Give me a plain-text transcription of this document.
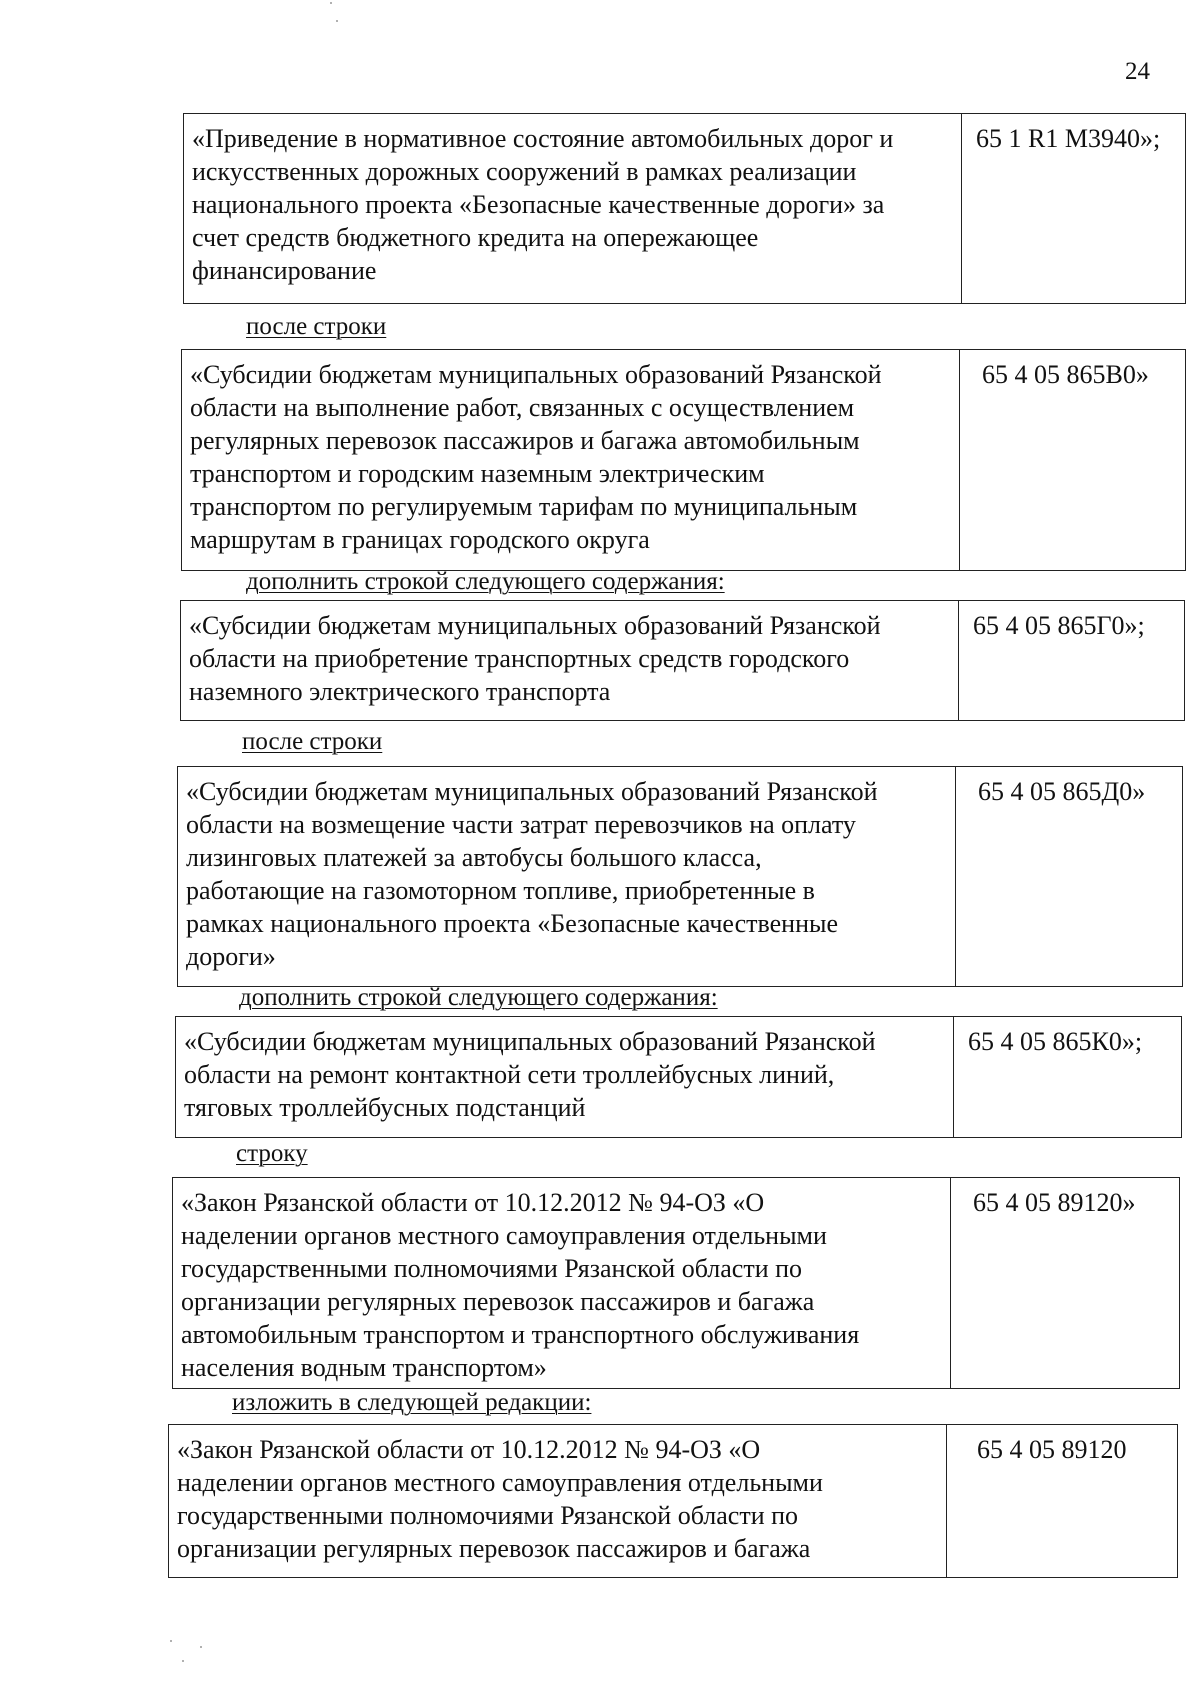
24
«Приведение в нормативное состояние автомобильных дорог и
искусственных дорожных сооружений в рамках реализации
национального проекта «Безопасные качественные дороги» за
счет средств бюджетного кредита на опережающее
финансирование
65 1 R1 M3940»;
после строки
«Субсидии бюджетам муниципальных образований Рязанской
области на выполнение работ, связанных с осуществлением
регулярных перевозок пассажиров и багажа автомобильным
транспортом и городским наземным электрическим
транспортом по регулируемым тарифам по муниципальным
маршрутам в границах городского округа
65 4 05 865В0»
дополнить строкой следующего содержания:
«Субсидии бюджетам муниципальных образований Рязанской
области на приобретение транспортных средств городского
наземного электрического транспорта
65 4 05 865Г0»;
после строки
«Субсидии бюджетам муниципальных образований Рязанской
области на возмещение части затрат перевозчиков на оплату
лизинговых платежей за автобусы большого класса,
работающие на газомоторном топливе, приобретенные в
рамках национального проекта «Безопасные качественные
дороги»
65 4 05 865Д0»
дополнить строкой следующего содержания:
«Субсидии бюджетам муниципальных образований Рязанской
области на ремонт контактной сети троллейбусных линий,
тяговых троллейбусных подстанций
65 4 05 865К0»;
строку
«Закон Рязанской области от 10.12.2012 № 94-ОЗ «О
наделении органов местного самоуправления отдельными
государственными полномочиями Рязанской области по
организации регулярных перевозок пассажиров и багажа
автомобильным транспортом и транспортного обслуживания
населения водным транспортом»
65 4 05 89120»
изложить в следующей редакции:
«Закон Рязанской области от 10.12.2012 № 94-ОЗ «О
наделении органов местного самоуправления отдельными
государственными полномочиями Рязанской области по
организации регулярных перевозок пассажиров и багажа
65 4 05 89120
